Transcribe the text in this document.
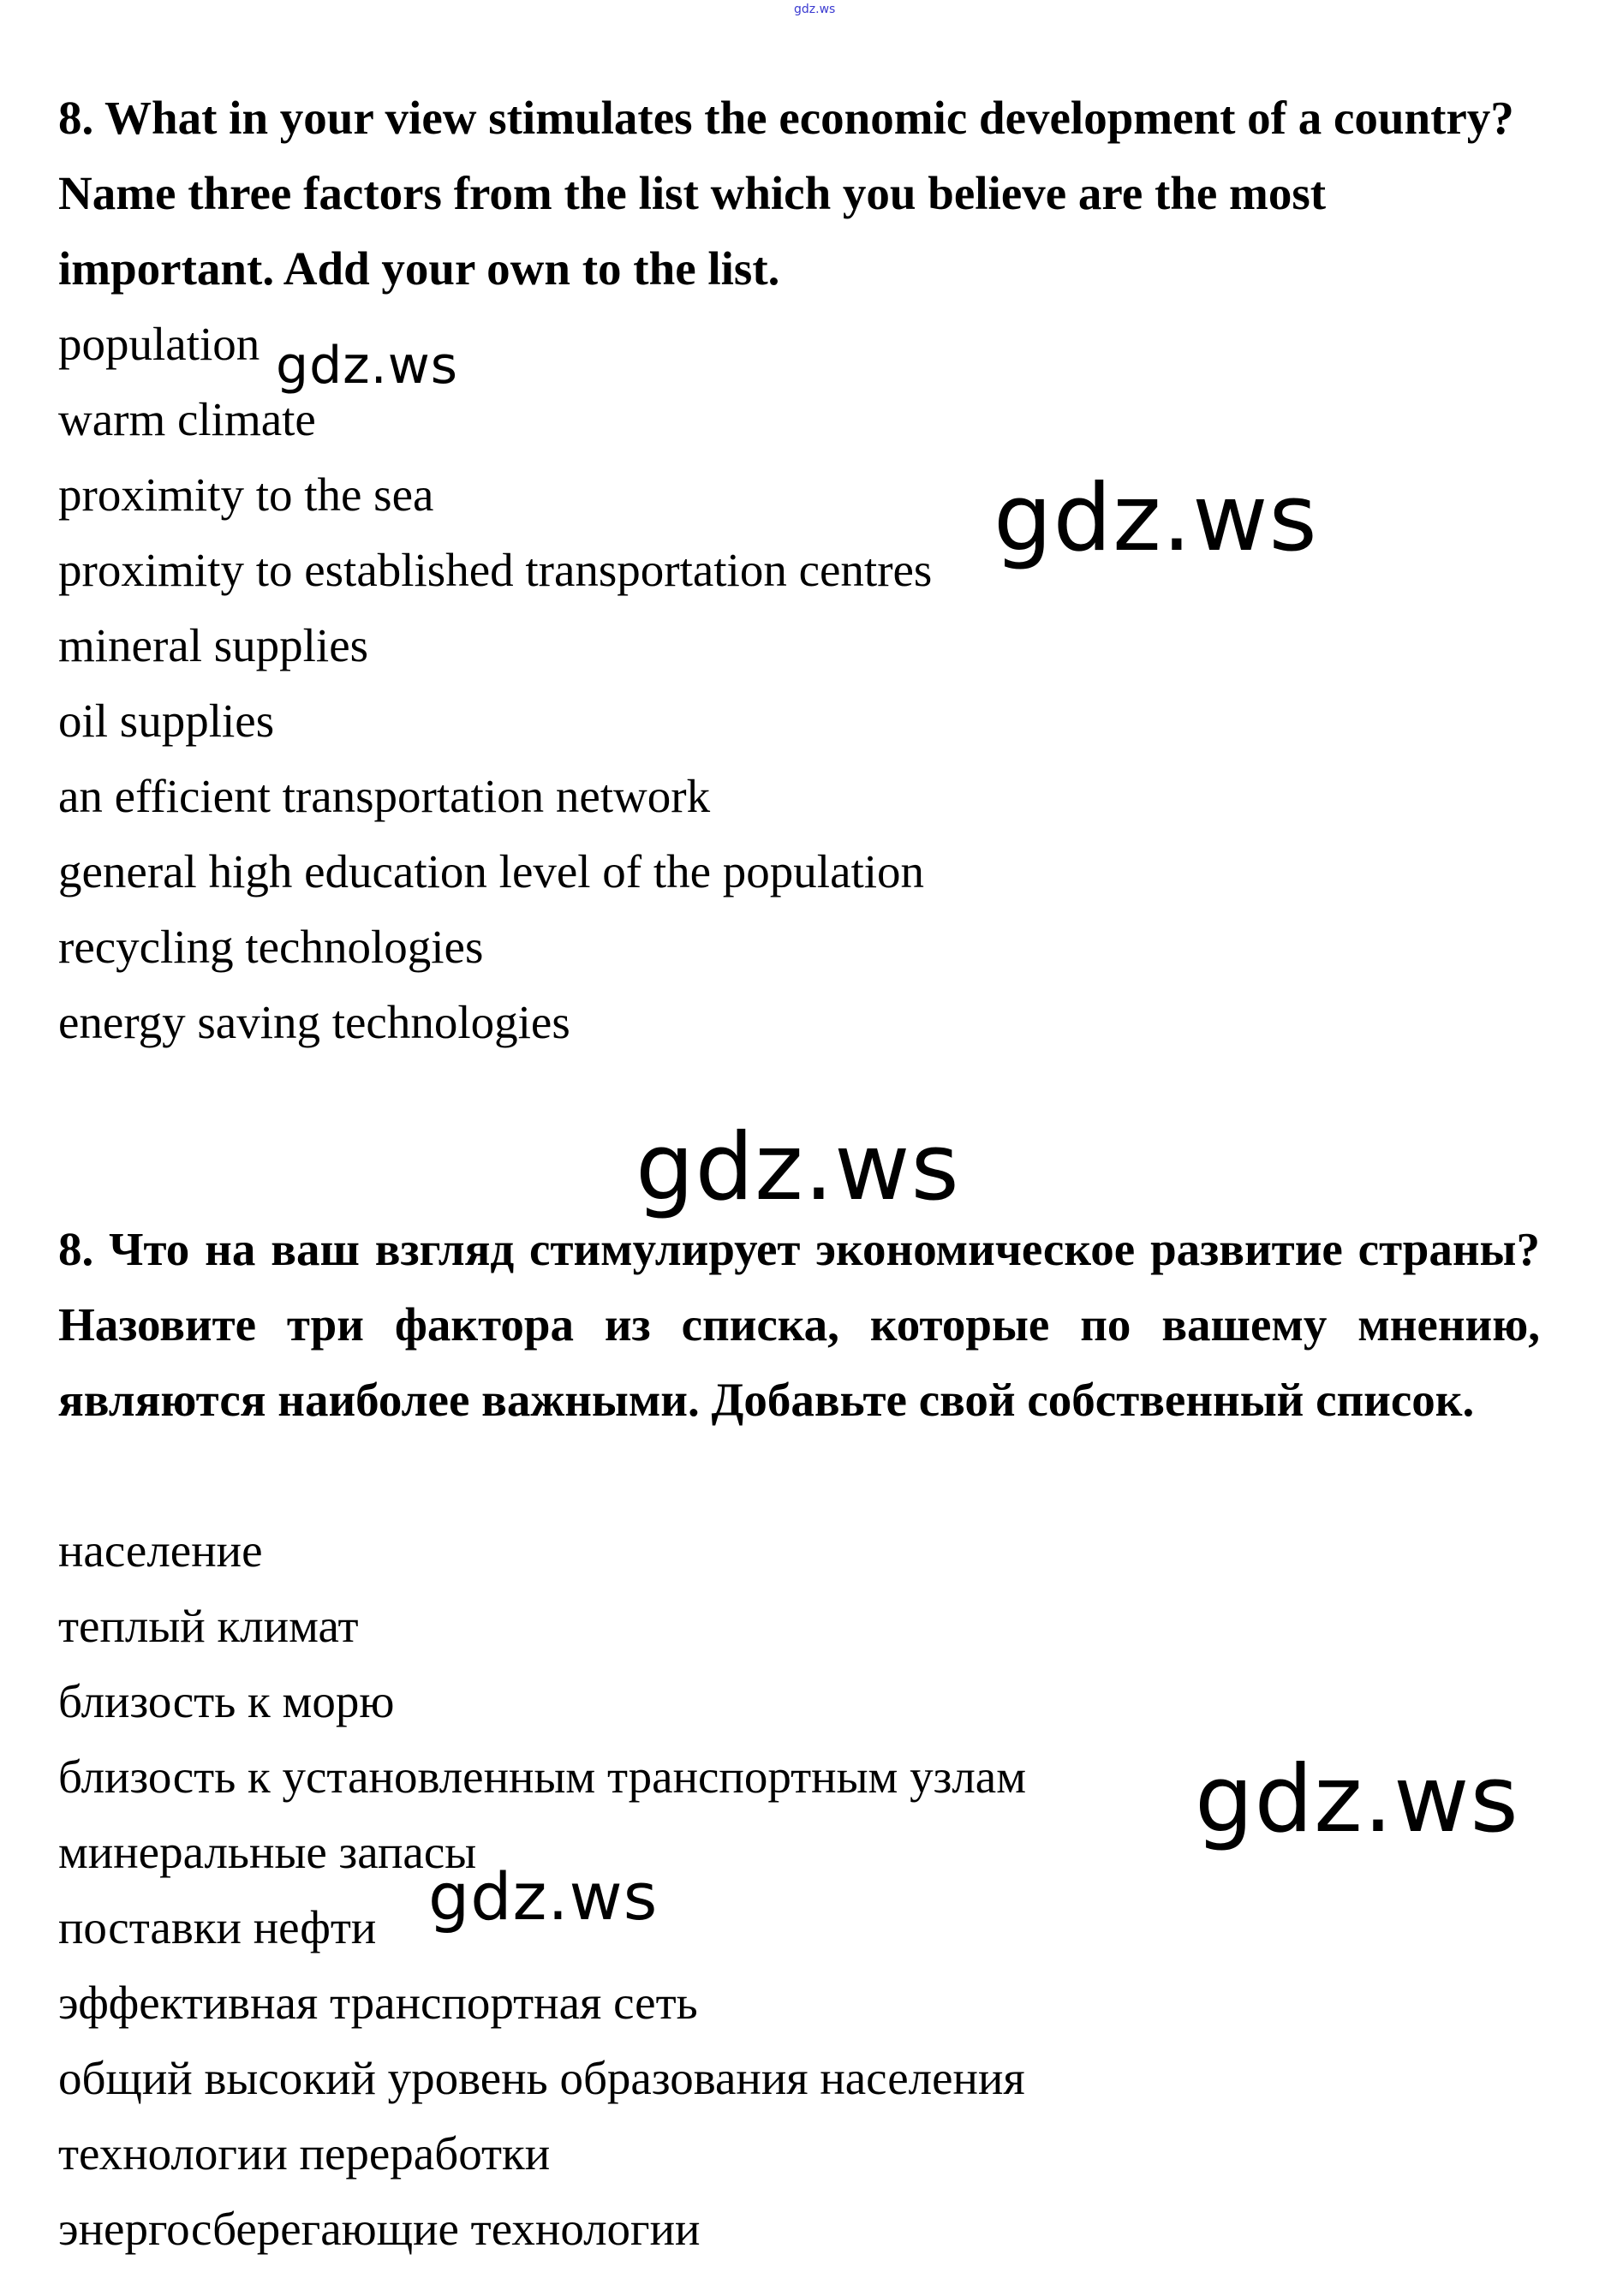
gdz.ws

8. What in your view stimulates the economic development of a country? Name three factors from the list which you believe are the most important. Add your own to the list.

population
warm climate
proximity to the sea
proximity to established transportation centres
mineral supplies
oil supplies
an efficient transportation network
general high education level of the population
recycling technologies
energy saving technologies

8. Что на ваш взгляд стимулирует экономическое развитие страны? Назовите три фактора из списка, которые по вашему мнению, являются наиболее важными. Добавьте свой собственный список.

население
теплый климат
близость к морю
близость к установленным транспортным узлам
минеральные запасы
поставки нефти
эффективная транспортная сеть
общий высокий уровень образования населения
технологии переработки
энергосберегающие технологии
gdz.ws
gdz.ws
gdz.ws
gdz.ws
gdz.ws
